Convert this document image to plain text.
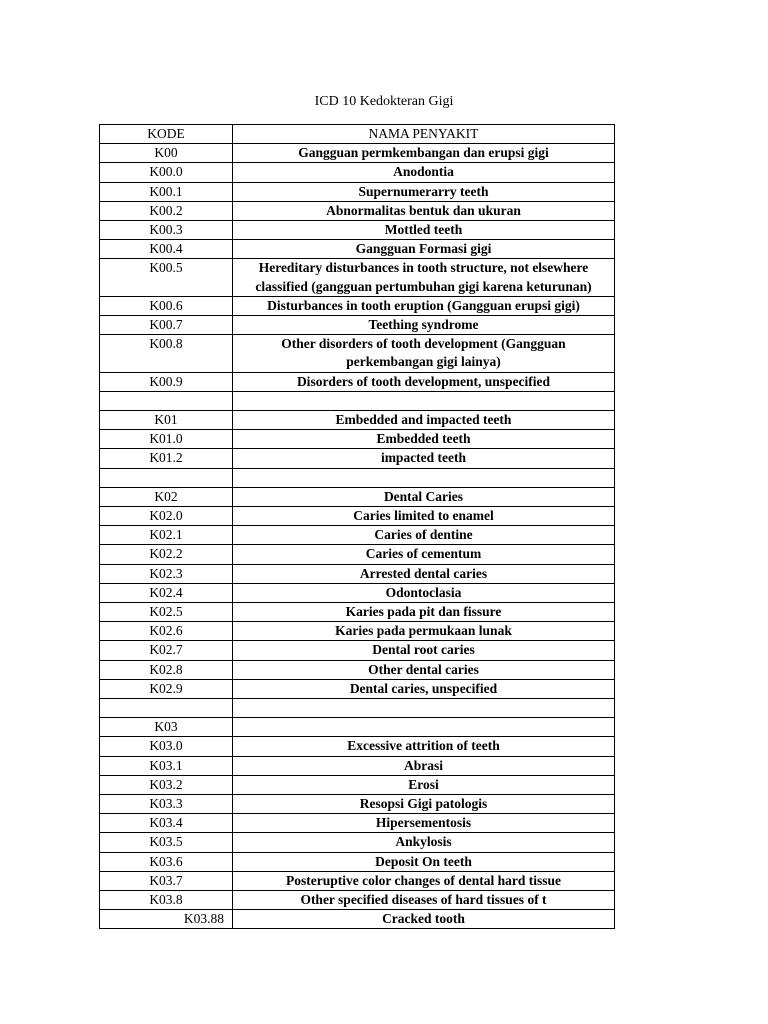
ICD 10 Kedokteran Gigi
KODE	NAMA PENYAKIT
K00	Gangguan permkembangan dan erupsi gigi
K00.0	Anodontia
K00.1	Supernumerarry teeth
K00.2	Abnormalitas bentuk dan ukuran
K00.3	Mottled teeth
K00.4	Gangguan Formasi gigi
K00.5	Hereditary disturbances in tooth structure, not elsewhere classified (gangguan pertumbuhan gigi karena keturunan)
K00.6	Disturbances in tooth eruption (Gangguan erupsi gigi)
K00.7	Teething syndrome
K00.8	Other disorders of tooth development (Gangguan perkembangan gigi lainya)
K00.9	Disorders of tooth development, unspecified

K01	Embedded and impacted teeth
K01.0	Embedded teeth
K01.2	impacted teeth

K02	Dental Caries
K02.0	Caries limited to enamel
K02.1	Caries of dentine
K02.2	Caries of cementum
K02.3	Arrested dental caries
K02.4	Odontoclasia
K02.5	Karies pada pit dan fissure
K02.6	Karies pada permukaan lunak
K02.7	Dental root caries
K02.8	Other dental caries
K02.9	Dental caries, unspecified

K03	
K03.0	Excessive attrition of teeth
K03.1	Abrasi
K03.2	Erosi
K03.3	Resopsi Gigi patologis
K03.4	Hipersementosis
K03.5	Ankylosis
K03.6	Deposit On teeth
K03.7	Posteruptive color changes of dental hard tissue
K03.8	Other specified diseases of hard tissues of t
K03.88	Cracked tooth
